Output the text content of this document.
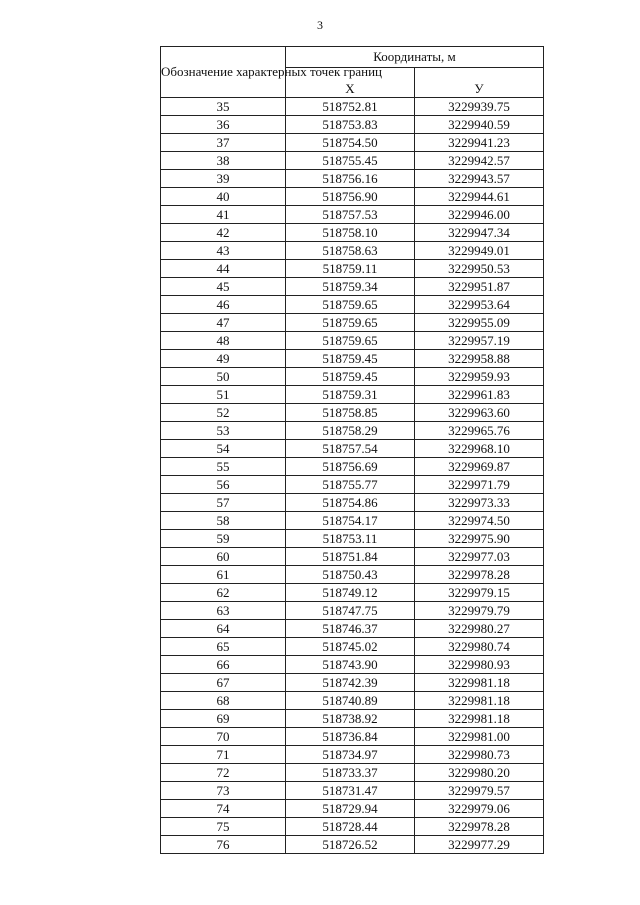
3
Обозначение характерных точек границ	Координаты, м	
	X	У
35	518752.81	3229939.75
36	518753.83	3229940.59
37	518754.50	3229941.23
38	518755.45	3229942.57
39	518756.16	3229943.57
40	518756.90	3229944.61
41	518757.53	3229946.00
42	518758.10	3229947.34
43	518758.63	3229949.01
44	518759.11	3229950.53
45	518759.34	3229951.87
46	518759.65	3229953.64
47	518759.65	3229955.09
48	518759.65	3229957.19
49	518759.45	3229958.88
50	518759.45	3229959.93
51	518759.31	3229961.83
52	518758.85	3229963.60
53	518758.29	3229965.76
54	518757.54	3229968.10
55	518756.69	3229969.87
56	518755.77	3229971.79
57	518754.86	3229973.33
58	518754.17	3229974.50
59	518753.11	3229975.90
60	518751.84	3229977.03
61	518750.43	3229978.28
62	518749.12	3229979.15
63	518747.75	3229979.79
64	518746.37	3229980.27
65	518745.02	3229980.74
66	518743.90	3229980.93
67	518742.39	3229981.18
68	518740.89	3229981.18
69	518738.92	3229981.18
70	518736.84	3229981.00
71	518734.97	3229980.73
72	518733.37	3229980.20
73	518731.47	3229979.57
74	518729.94	3229979.06
75	518728.44	3229978.28
76	518726.52	3229977.29
